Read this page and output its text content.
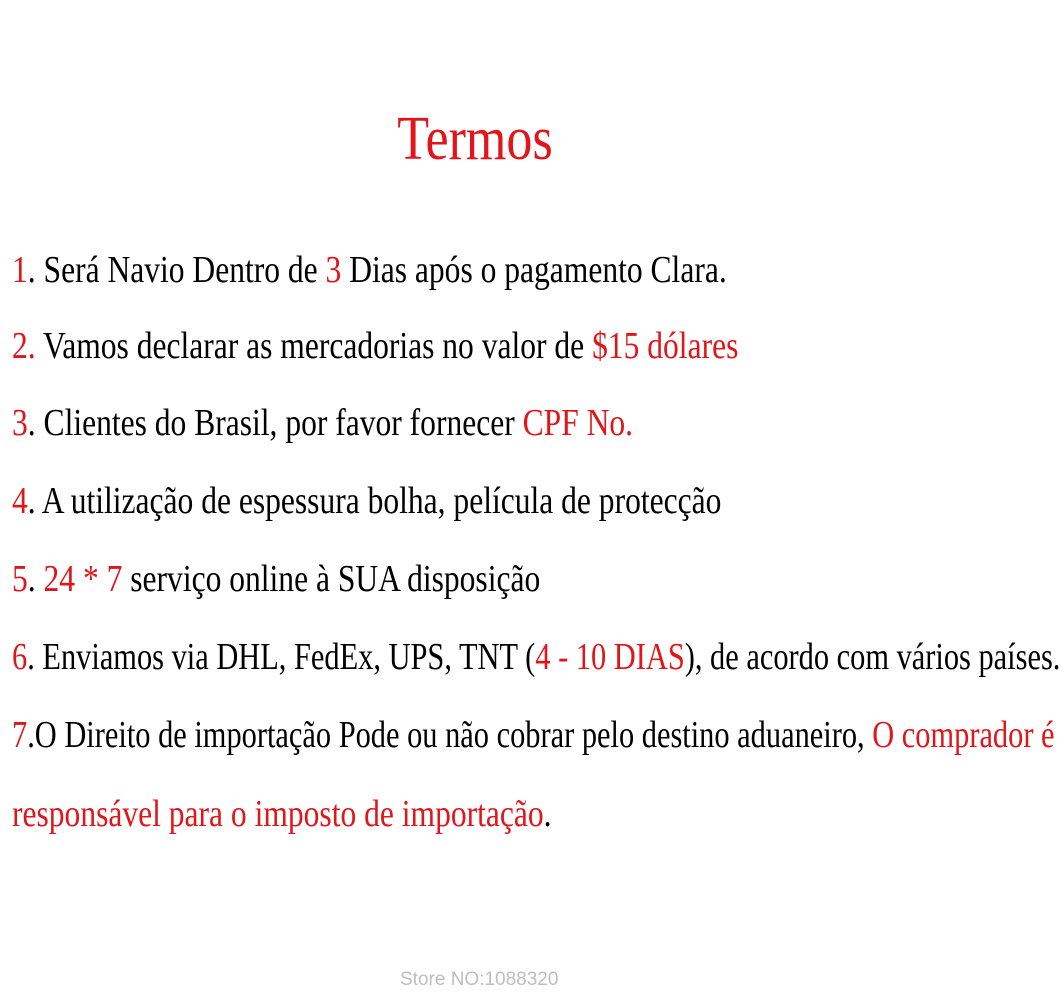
Termos
1. Será Navio Dentro de 3 Dias após o pagamento Clara.
2. Vamos declarar as mercadorias no valor de $15 dólares
3. Clientes do Brasil, por favor fornecer CPF No.
4. A utilização de espessura bolha, película de protecção
5. 24 * 7 serviço online à SUA disposição
6. Enviamos via DHL, FedEx, UPS, TNT (4 - 10 DIAS), de acordo com vários países.
7.O Direito de importação Pode ou não cobrar pelo destino aduaneiro, O comprador é
responsável para o imposto de importação.
Store NO:1088320
